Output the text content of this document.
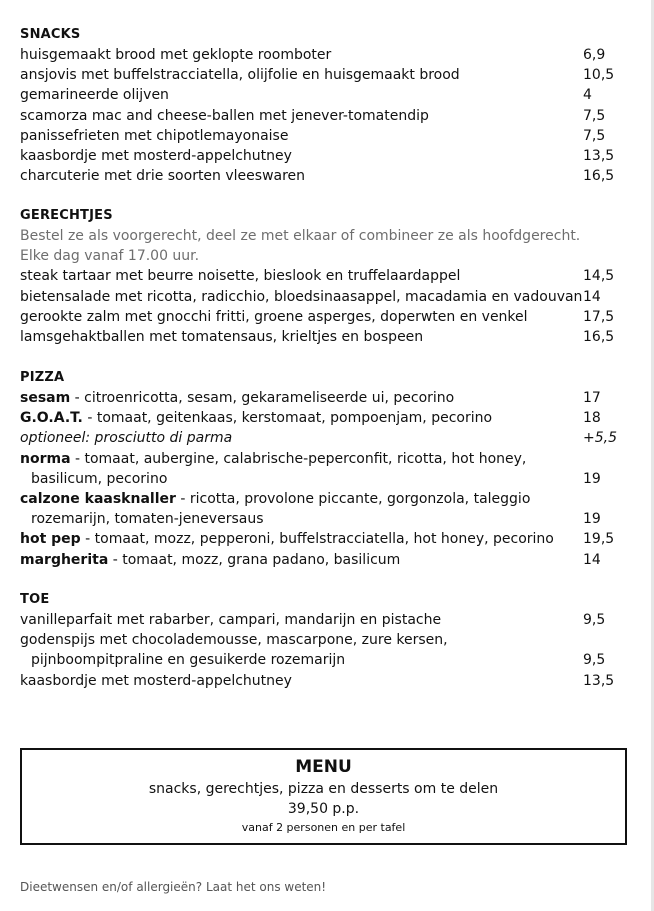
SNACKS
huisgemaakt brood met geklopte roomboter	6,9
ansjovis met buffelstracciatella, olijfolie en huisgemaakt brood	10,5
gemarineerde olijven	4
scamorza mac and cheese-ballen met jenever-tomatendip	7,5
panissefrieten met chipotlemayonaise	7,5
kaasbordje met mosterd-appelchutney	13,5
charcuterie met drie soorten vleeswaren	16,5
GERECHTJES
Bestel ze als voorgerecht, deel ze met elkaar of combineer ze als hoofdgerecht.
Elke dag vanaf 17.00 uur.
steak tartaar met beurre noisette, bieslook en truffelaardappel	14,5
bietensalade met ricotta, radicchio, bloedsinaasappel, macadamia en vadouvan 14
gerookte zalm met gnocchi fritti, groene asperges, doperwten en venkel	17,5
lamsgehaktballen met tomatensaus, krieltjes en bospeen	16,5
PIZZA
sesam - citroenricotta, sesam, gekarameliseerde ui, pecorino	17
G.O.A.T. - tomaat, geitenkaas, kerstomaat, pompoenjam, pecorino	18
optioneel: prosciutto di parma	+5,5
norma - tomaat, aubergine, calabrische-peperconfit, ricotta, hot honey,
basilicum, pecorino	19
calzone kaasknaller - ricotta, provolone piccante, gorgonzola, taleggio
rozemarijn, tomaten-jeneversaus	19
hot pep - tomaat, mozz, pepperoni, buffelstracciatella, hot honey, pecorino 19,5
margherita - tomaat, mozz, grana padano, basilicum	14
TOE
vanilleparfait met rabarber, campari, mandarijn en pistache	9,5
godenspijs met chocolademousse, mascarpone, zure kersen,
pijnboompitpraline en gesuikerde rozemarijn	9,5
kaasbordje met mosterd-appelchutney	13,5
MENU
snacks, gerechtjes, pizza en desserts om te delen
39,50 p.p.
vanaf 2 personen en per tafel
Dieetwensen en/of allergieën? Laat het ons weten!
